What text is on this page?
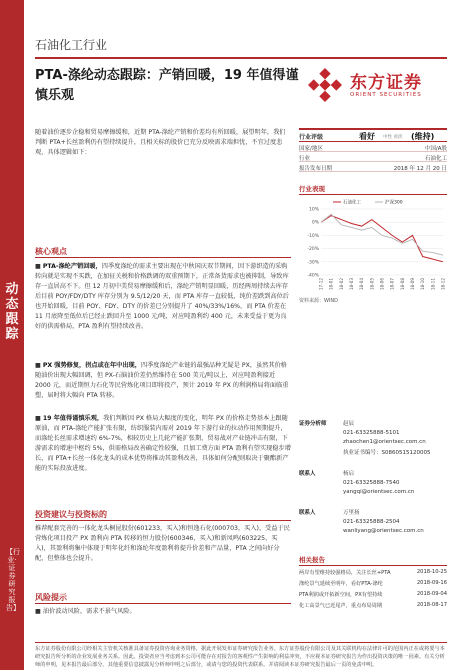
动态跟踪
【行业·证券研究报告】
石油化工行业
PTA-涤纶动态跟踪：产销回暖，19 年值得谨慎乐观
东方证券
ORIENT SECURITIES
随着油价逐步企稳和贸易摩擦缓和，近期 PTA-涤纶产销和价差均有所回暖，展望明年，我们判断 PTA+长丝盈利仍有望持续提升，且相关标的股价已充分反映需求端担忧，不宜过度悲观，具体逻辑如下：
核心观点
■ PTA-涤纶产销回暖，四季度涤纶的需求主要出现在中秋国庆双节期间，因下游织造的采购转向就是实现不买跌，在加征关税和价格跌调的双重预期下，正常备货需求也被抑制，导致库存一直居高不下。但 12 月初中美贸易摩擦缓和后，涤纶产销明显回暖，历经两周持续去库存后目前 POY/FDY/DTY 库存分别为 9.5/12/20 天，而 PTA 库存一直较低，纯价差跌到高位后也开始回暖，目前 POY、FDY、DTY 的价差已分别提升了 40%/33%/16%，而 PTA 价差在 11 月底降至低位后已经止跌回升至 1000 元/吨，对应吨盈利约 400 元，未来受益于更为良好的供需格局，PTA 盈利有望持续改善。
■ PX 强势修复，拐点或在年中出现，四季度涤纶产业链的最强品种无疑是 PX，虽然其价格随油价出现大幅回调，但 PX-石脑油价差仍然维持在 500 美元/吨以上，对应吨盈利接近 2000 元，而近期恒力石化等民营炼化项目即将投产，预计 2019 年 PX 的利润格局将面临重塑，届时将大幅向 PTA 转移。
■ 19 年值得谨慎乐观，我们判断因 PX 格局大幅度的变化，明年 PX 的价格走势基本上跟随原油，而 PTA-涤纶产能扩张有限，纺织服装内需对 2019 年下游行业的拉动作用预期提升，而涤纶长丝需求增速约 6%-7%，相较历史上几轮产能扩张期，贸易战对产业链冲击有限，下游需求的增速中枢约 5%，供需格局改善确定性较强，且加工费方面 PTA 盈利有望实现稳步增长，而 PTA+长丝一体化龙头的成本优势将推动其盈利改善，具体如何分配则取决于聚酯新产能的实际投放进度。
投资建议与投资标的
推荐配套完善的一体化龙头桐昆股份(601233，买入)和恒逸石化(000703，买入)，受益于民营炼化项目投产 PX 盈利向 PTA 转移的恒力股份(600346，买入)和新凤鸣(603225，买入)，其盈利将集中体现于明年化纤和涤纶年度盈利将提升价差和产品量，PTA 之间向好分配，但整体也会提升。
风险提示
■ 油价波动风险，需求不景气风险。
行业评级	看好 中性 看淡 (维持)
国家/地区	中国/A股
行业	石油化工
报告发布日期	2018 年 12 月 20 日
行业表现
10%
0%
-10%
-20%
-30%
-40%
17-12 18-01 18-02 18-03 18-04 18-05 18-06 18-07 18-08 18-09 18-10 18-11 18-12
石油化工	沪深300
资料来源：WIND
证券分析师	赵辰
021-63325888-5101
zhaochen1@orientsec.com.cn
执业证书编号：S0860515120005
联系人	杨启
021-63325888-7540
yangqi@orientsec.com.cn
联系人	万里扬
021-63325888-2504
wanliyang@orientsec.com.cn
相关报告
两岸有望维持较强格局，关注长丝+PTA	2018-10-25
涤纶景气延续至明年，看好PTA-涤纶	2018-09-16
PTA利润或开拓新空间，PX有望持续	2018-09-04
化工高景气已近尾声，重点布局周期	2018-08-17
东方证券股份有限公司经相关主管机关核准具备证券投资咨询业务资格，据此开展发布证券研究报告业务。东方证券股份有限公司及其关联机构在法律许可的范围内正在或将要与本研究报告所分析的企业发展业务关系。因此，投资者应当考虑到本公司可能存在对报告的客观性产生影响的利益冲突，不应视本证券研究报告为作出投资决策的唯一因素。有关分析师的申明，见本报告最后部分。其他重要信息披露见分析师申明之后部分，或请与您的投资代表联系。并请阅读本证券研究报告最后一页的免责申明。
